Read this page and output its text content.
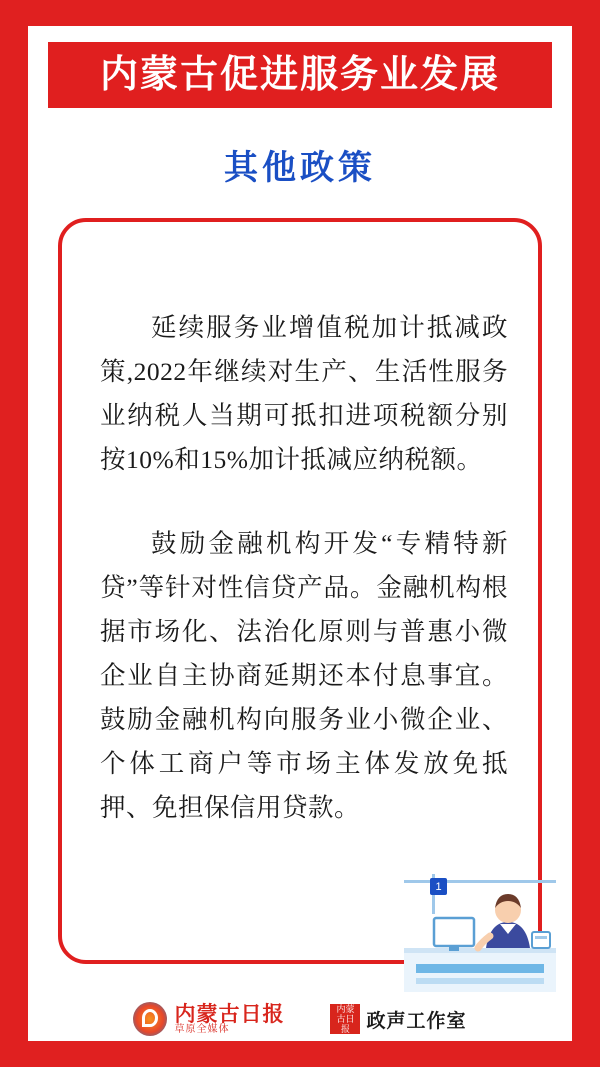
内蒙古促进服务业发展
其他政策

延续服务业增值税加计抵减政策,2022年继续对生产、生活性服务业纳税人当期可抵扣进项税额分别按10%和15%加计抵减应纳税额。

鼓励金融机构开发“专精特新贷”等针对性信贷产品。金融机构根据市场化、法治化原则与普惠小微企业自主协商延期还本付息事宜。鼓励金融机构向服务业小微企业、个体工商户等市场主体发放免抵押、免担保信用贷款。

1
内蒙古日报
草原全媒体
内蒙古日报 政声工作室
